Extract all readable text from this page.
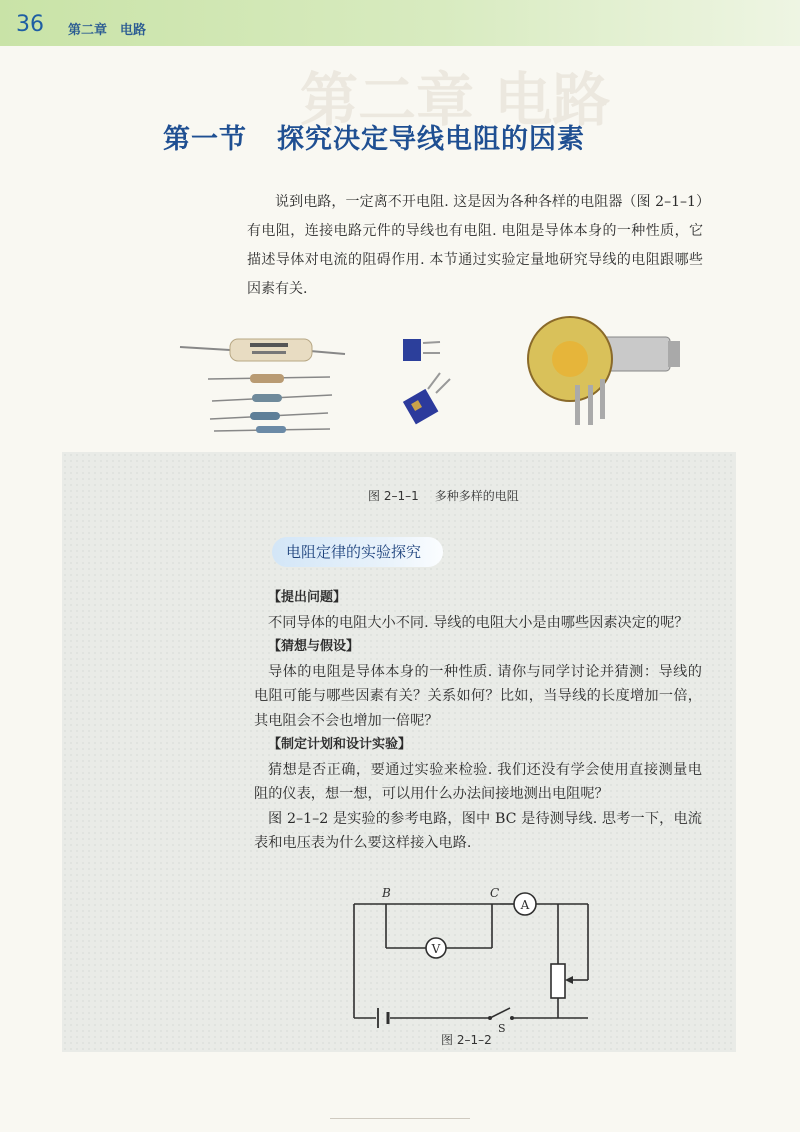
36 第二章　电路
第二章 电路
第一节 探究决定导线电阻的因素
说到电路，一定离不开电阻. 这是因为各种各样的电阻器（图 2–1–1）有电阻，连接电路元件的导线也有电阻. 电阻是导体本身的一种性质，它描述导体对电流的阻碍作用. 本节通过实验定量地研究导线的电阻跟哪些因素有关.
图 2–1–1 多种多样的电阻
电阻定律的实验探究
【提出问题】

不同导体的电阻大小不同. 导线的电阻大小是由哪些因素决定的呢？

【猜想与假设】

导体的电阻是导体本身的一种性质. 请你与同学讨论并猜测：导线的电阻可能与哪些因素有关？关系如何？比如，当导线的长度增加一倍，其电阻会不会也增加一倍呢？

【制定计划和设计实验】

猜想是否正确，要通过实验来检验. 我们还没有学会使用直接测量电阻的仪表，想一想，可以用什么办法间接地测出电阻呢？

图 2–1–2 是实验的参考电路，图中 BC 是待测导线. 思考一下，电流表和电压表为什么要这样接入电路.

A
V
B	C
S
图 2–1–2
